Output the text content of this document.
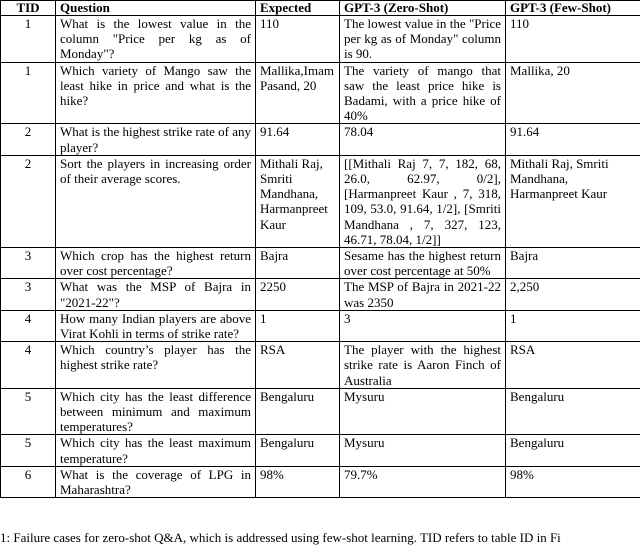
TID	Question	Expected	GPT-3 (Zero-Shot)	GPT-3 (Few-Shot)
1	What is the lowest value in the column "Price per kg as of Monday"?	110	The lowest value in the "Price per kg as of Monday" column is 90.	110
1	Which variety of Mango saw the least hike in price and what is the hike?	Mallika,Imam Pasand, 20	The variety of mango that saw the least price hike is Badami, with a price hike of 40%	Mallika, 20
2	What is the highest strike rate of any player?	91.64	78.04	91.64
2	Sort the players in increasing order of their average scores.	Mithali Raj, Smriti Mandhana, Harmanpreet Kaur	[[Mithali Raj 7, 7, 182, 68, 26.0, 62.97, 0/2], [Harmanpreet Kaur , 7, 318, 109, 53.0, 91.64, 1/2], [Smriti Mandhana , 7, 327, 123, 46.71, 78.04, 1/2]]	Mithali Raj, Smriti Mandhana, Harmanpreet Kaur
3	Which crop has the highest return over cost percentage?	Bajra	Sesame has the highest return over cost percentage at 50%	Bajra
3	What was the MSP of Bajra in "2021-22"?	2250	The MSP of Bajra in 2021-22 was 2350	2,250
4	How many Indian players are above Virat Kohli in terms of strike rate?	1	3	1
4	Which country’s player has the highest strike rate?	RSA	The player with the highest strike rate is Aaron Finch of Australia	RSA
5	Which city has the least difference between minimum and maximum temperatures?	Bengaluru	Mysuru	Bengaluru
5	Which city has the least maximum temperature?	Bengaluru	Mysuru	Bengaluru
6	What is the coverage of LPG in Maharashtra?	98%	79.7%	98%
1: Failure cases for zero-shot Q&A, which is addressed using few-shot learning. TID refers to table ID in Fi
